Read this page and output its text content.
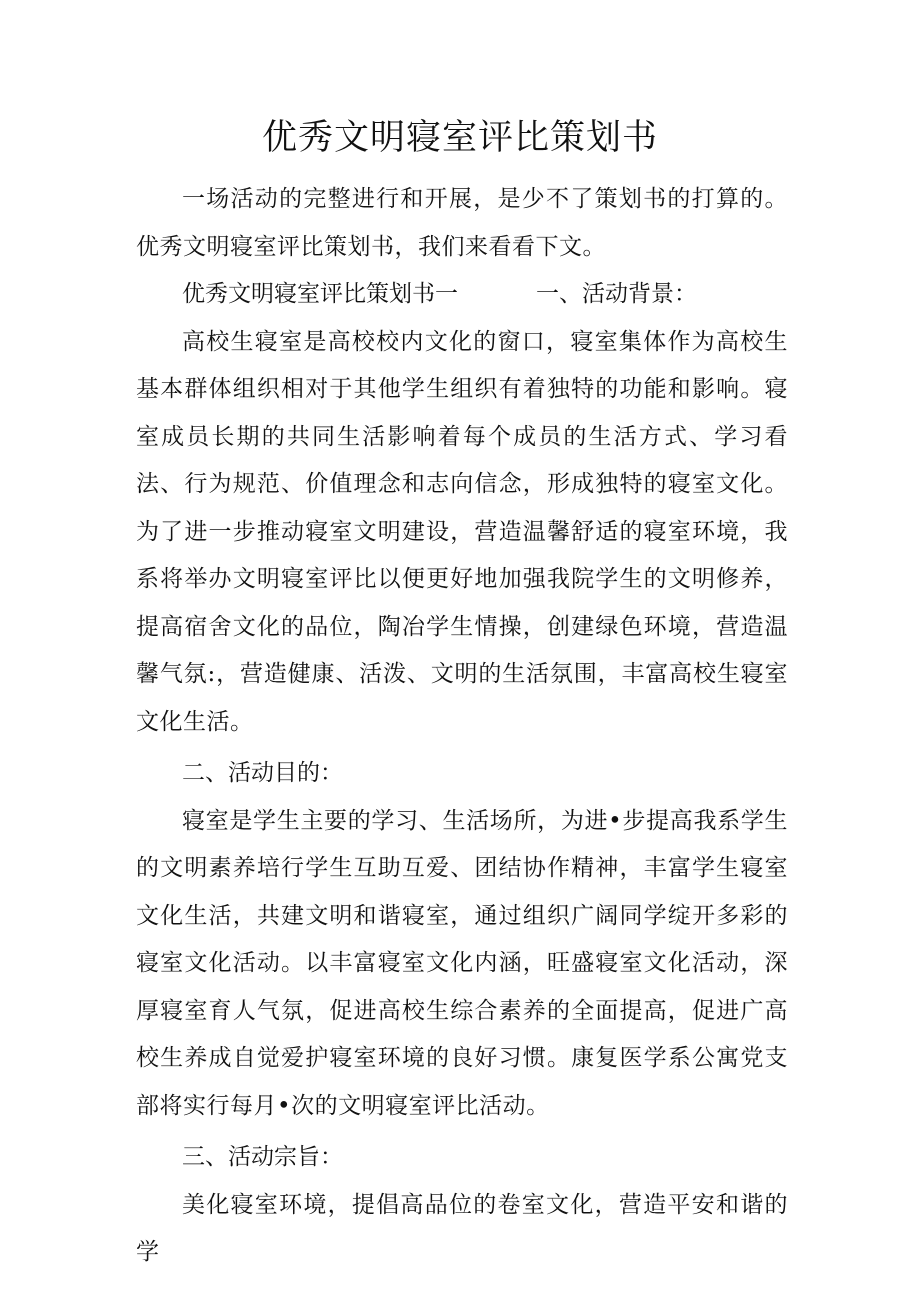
优秀文明寝室评比策划书

一场活动的完整进行和开展，是少不了策划书的打算的。优秀文明寝室评比策划书，我们来看看下文。

优秀文明寝室评比策划书一	一、活动背景：

高校生寝室是高校校内文化的窗口，寝室集体作为高校生基本群体组织相对于其他学生组织有着独特的功能和影响。寝室成员长期的共同生活影响着每个成员的生活方式、学习看法、行为规范、价值理念和志向信念，形成独特的寝室文化。为了进一步推动寝室文明建设，营造温馨舒适的寝室环境，我系将举办文明寝室评比以便更好地加强我院学生的文明修养，提高宿舍文化的品位，陶冶学生情操，创建绿色环境，营造温馨气氛:，营造健康、活泼、文明的生活氛围，丰富高校生寝室文化生活。

二、活动目的：

寝室是学生主要的学习、生活场所，为进•步提高我系学生的文明素养培行学生互助互爱、团结协作精神，丰富学生寝室文化生活，共建文明和谐寝室，通过组织广阔同学绽开多彩的寝室文化活动。以丰富寝室文化内涵，旺盛寝室文化活动，深厚寝室育人气氛，促进高校生综合素养的全面提高，促进广高校生养成自觉爱护寝室环境的良好习惯。康复医学系公寓党支部将实行每月•次的文明寝室评比活动。

三、活动宗旨：

美化寝室环境，提倡高品位的卷室文化，营造平安和谐的学
